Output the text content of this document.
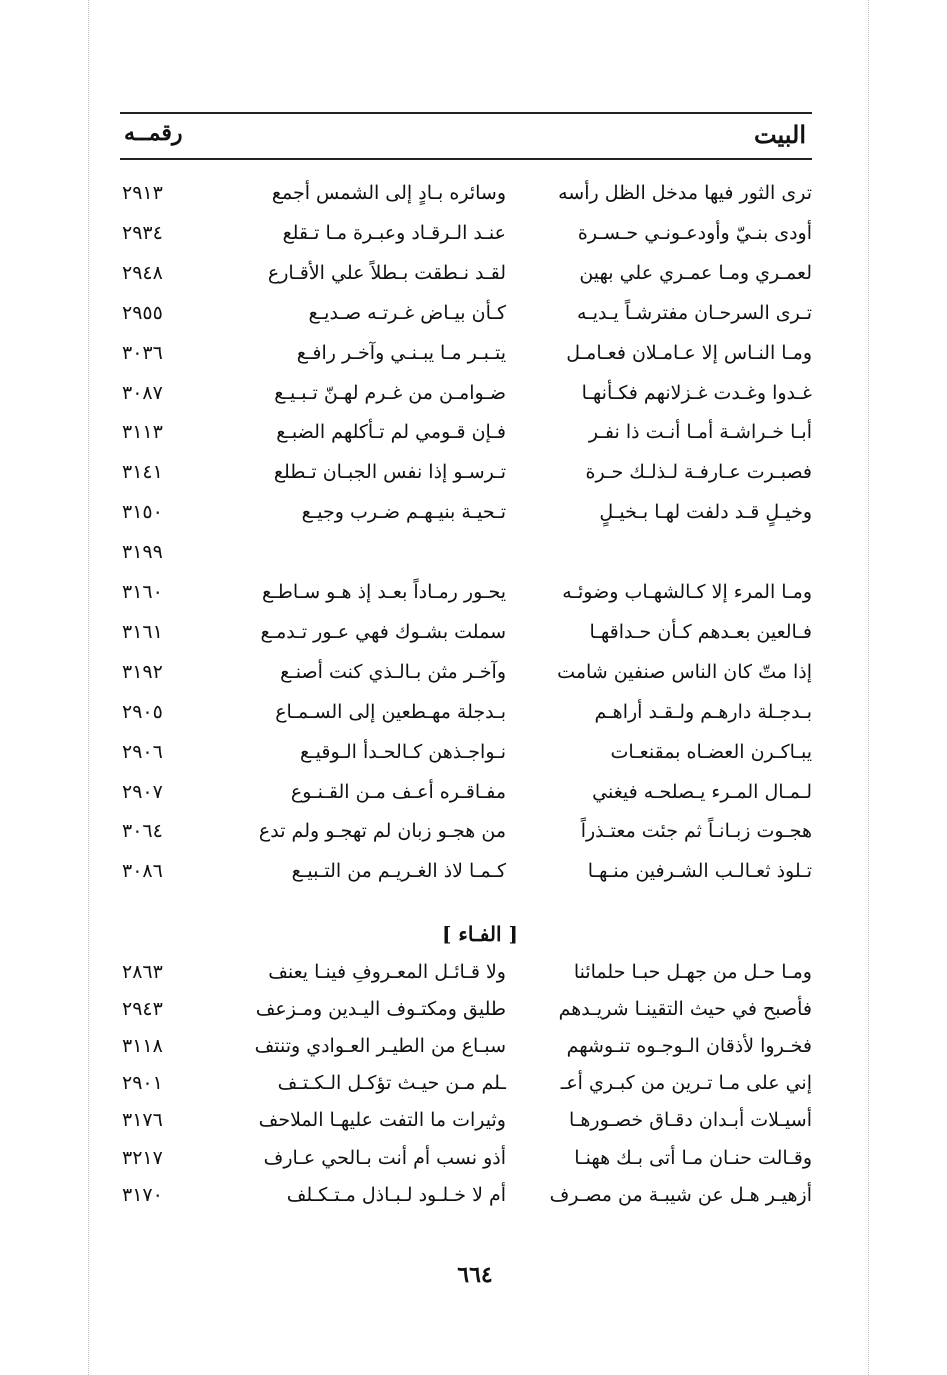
البيت
رقمــه
ترى الثور فيها مدخل الظل رأسه
وسائره بـادٍ إلى الشمس أجمع
٢٩١٣
أودى بنـيّ وأودعـونـي حـسـرة
عنـد الـرقـاد وعبـرة مـا تـقلع
٢٩٣٤
لعمـري ومـا عمـري علي بهين
لقـد نـطقت بـطلاً علي الأقـارع
٢٩٤٨
تـرى السرحـان مفترشـاً يـديـه
كـأن بيـاض غـرتـه صـديـع
٢٩٥٥
ومـا النـاس إلا عـامـلان فعـامـل
يتـبـر مـا يبـنـي وآخـر رافـع
٣٠٣٦
غـدوا وغـدت غـزلانهم فكـأنهـا
ضـوامـن من غـرم لهـنّ تـبـيـع
٣٠٨٧
أبـا خـراشـة أمـا أنـت ذا نفـر
فـإن قـومي لم تـأكلهم الضبـع
٣١١٣
فصبـرت عـارفـة لـذلـك حـرة
تـرسـو إذا نفس الجبـان تـطلع
٣١٤١
وخيـلٍ قـد دلفت لهـا بـخيـلٍ
تـحيـة بنيـهـم ضـرب وجيـع
٣١٥٠
٣١٩٩
ومـا المرء إلا كـالشهـاب وضوئـه
يحـور رمـاداً بعـد إذ هـو سـاطـع
٣١٦٠
فـالعين بعـدهم كـأن حـداقهـا
سملت بشـوك فهي عـور تـدمـع
٣١٦١
إذا متّ كان الناس صنفين شامت
وآخـر مثن بـالـذي كنت أصنـع
٣١٩٢
بـدجـلة دارهـم ولـقـد أراهـم
بـدجلة مهـطعين إلى السـمـاع
٢٩٠٥
يبـاكـرن العضـاه بمقنعـات
نـواجـذهن كـالحـدأ الـوقيـع
٢٩٠٦
لـمـال المـرء يـصلحـه فيغني
مفـاقـره أعـف مـن القـنـوع
٢٩٠٧
هجـوت زبـانـاً ثم جئت معتـذراً
من هجـو زبان لم تهجـو ولم تدع
٣٠٦٤
تـلوذ ثعـالـب الشـرفين منـهـا
كـمـا لاذ الغـريـم من التـبيـع
٣٠٨٦
[ الفـاء ]
ومـا حـل من جهـل حبـا حلمائنا
ولا قـائـل المعـروفِ فينـا يعنف
٢٨٦٣
فأصبح في حيث التقينـا شريـدهم
طليق ومكتـوف اليـدين ومـزعف
٢٩٤٣
فخـروا لأذقان الـوجـوه تنـوشهم
سبـاع من الطيـر العـوادي وتنتف
٣١١٨
إني على مـا تـرين من كبـري أعـ
ـلم مـن حيـث تؤكـل الـكـتـف
٢٩٠١
أسيـلات أبـدان دقـاق خصـورهـا
وثيرات ما التفت عليهـا الملاحف
٣١٧٦
وقـالت حنـان مـا أتى بـك ههنـا
أذو نسب أم أنت بـالحي عـارف
٣٢١٧
أزهيـر هـل عن شيبـة من مصـرف
أم لا خـلـود لـبـاذل مـتـكـلف
٣١٧٠
٦٦٤
